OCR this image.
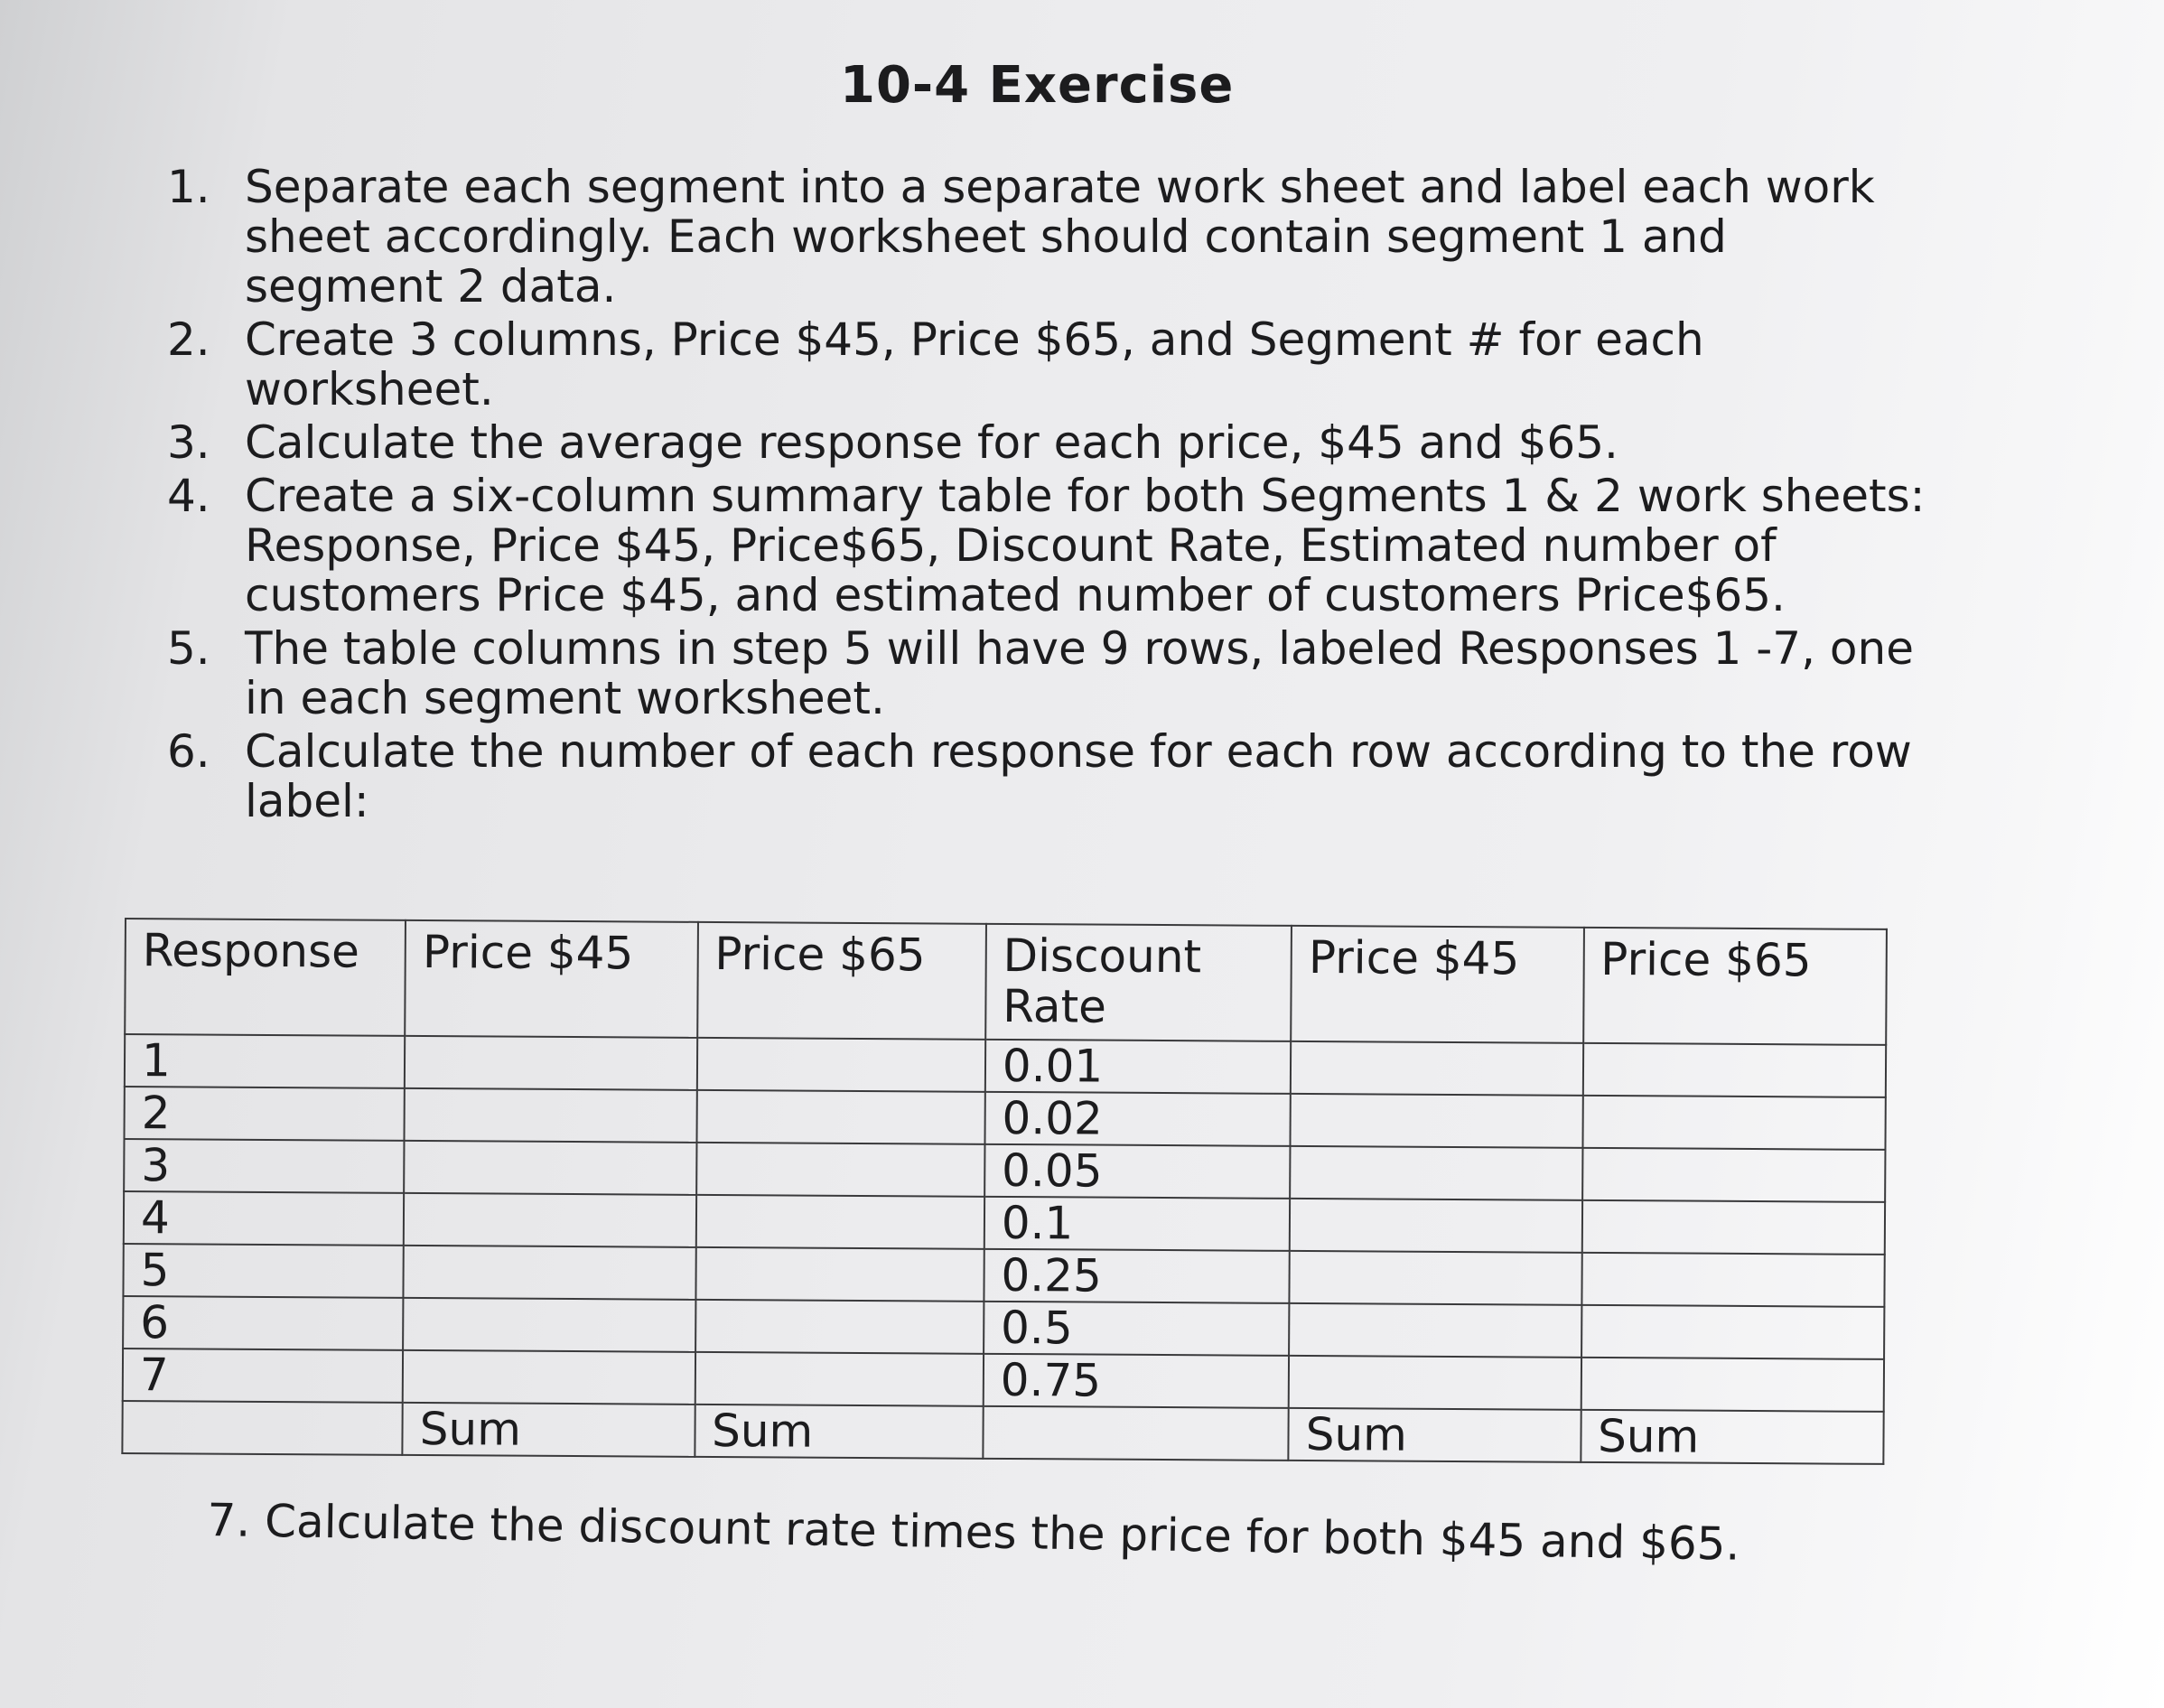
10-4 Exercise
1. Separate each segment into a separate work sheet and label each work sheet accordingly. Each worksheet should contain segment 1 and segment 2 data.
2. Create 3 columns, Price $45, Price $65, and Segment # for each worksheet.
3. Calculate the average response for each price, $45 and $65.
4. Create a six-column summary table for both Segments 1 & 2 work sheets: Response, Price $45, Price$65, Discount Rate, Estimated number of customers Price $45, and estimated number of customers Price$65.
5. The table columns in step 5 will have 9 rows, labeled Responses 1 -7, one in each segment worksheet.
6. Calculate the number of each response for each row according to the row label:
Response	Price $45	Price $65	Discount Rate	Price $45	Price $65
1			0.01		
2			0.02		
3			0.05		
4			0.1		
5			0.25		
6			0.5		
7			0.75		
	Sum	Sum		Sum	Sum

7. Calculate the discount rate times the price for both $45 and $65.
